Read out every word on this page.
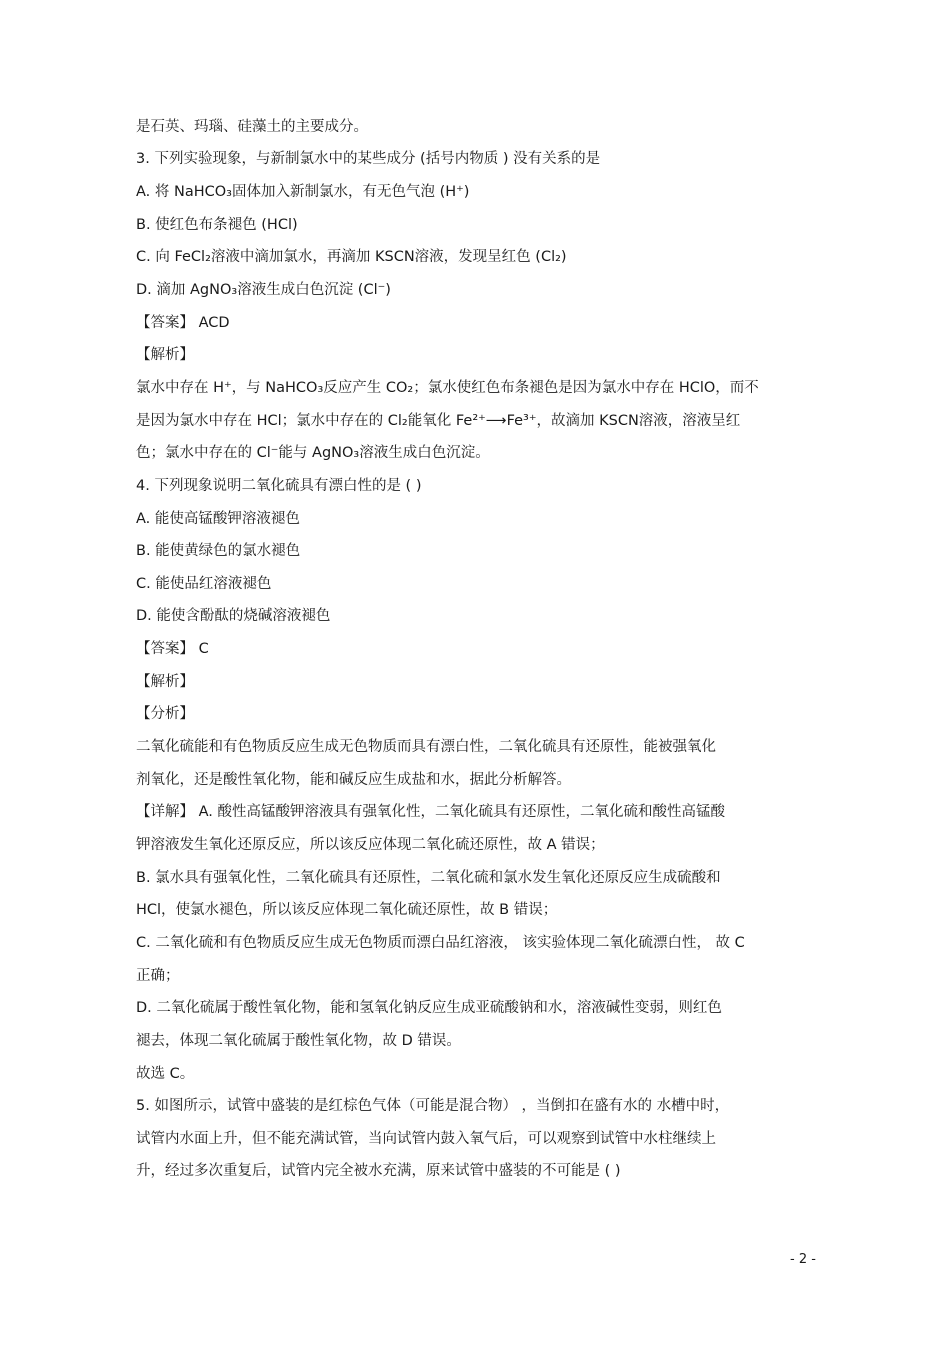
是石英、玛瑙、硅藻土的主要成分。
3. 下列实验现象，与新制氯水中的某些成分 (括号内物质 ) 没有关系的是
A. 将 NaHCO₃固体加入新制氯水，有无色气泡 (H⁺)
B. 使红色布条褪色 (HCl)
C. 向 FeCl₂溶液中滴加氯水，再滴加 KSCN溶液，发现呈红色 (Cl₂)
D. 滴加 AgNO₃溶液生成白色沉淀 (Cl⁻)
【答案】 ACD
【解析】
氯水中存在 H⁺，与 NaHCO₃反应产生 CO₂；氯水使红色布条褪色是因为氯水中存在 HClO，而不
是因为氯水中存在 HCl；氯水中存在的 Cl₂能氧化 Fe²⁺⟶Fe³⁺，故滴加 KSCN溶液，溶液呈红
色；氯水中存在的 Cl⁻能与 AgNO₃溶液生成白色沉淀。
4. 下列现象说明二氧化硫具有漂白性的是 ( )
A. 能使高锰酸钾溶液褪色
B. 能使黄绿色的氯水褪色
C. 能使品红溶液褪色
D. 能使含酚酞的烧碱溶液褪色
【答案】 C
【解析】
【分析】
二氧化硫能和有色物质反应生成无色物质而具有漂白性，二氧化硫具有还原性，能被强氧化
剂氧化，还是酸性氧化物，能和碱反应生成盐和水，据此分析解答。
【详解】 A. 酸性高锰酸钾溶液具有强氧化性，二氧化硫具有还原性，二氧化硫和酸性高锰酸
钾溶液发生氧化还原反应，所以该反应体现二氧化硫还原性，故 A 错误；
B. 氯水具有强氧化性，二氧化硫具有还原性，二氧化硫和氯水发生氧化还原反应生成硫酸和
HCl，使氯水褪色，所以该反应体现二氧化硫还原性，故 B 错误；
C. 二氧化硫和有色物质反应生成无色物质而漂白品红溶液， 该实验体现二氧化硫漂白性， 故 C
正确；
D. 二氧化硫属于酸性氧化物，能和氢氧化钠反应生成亚硫酸钠和水，溶液碱性变弱，则红色
褪去，体现二氧化硫属于酸性氧化物，故 D 错误。
故选 C。
5. 如图所示，试管中盛装的是红棕色气体（可能是混合物） ，当倒扣在盛有水的 水槽中时，
试管内水面上升，但不能充满试管，当向试管内鼓入氧气后，可以观察到试管中水柱继续上
升，经过多次重复后，试管内完全被水充满，原来试管中盛装的不可能是 ( )
- 2 -
